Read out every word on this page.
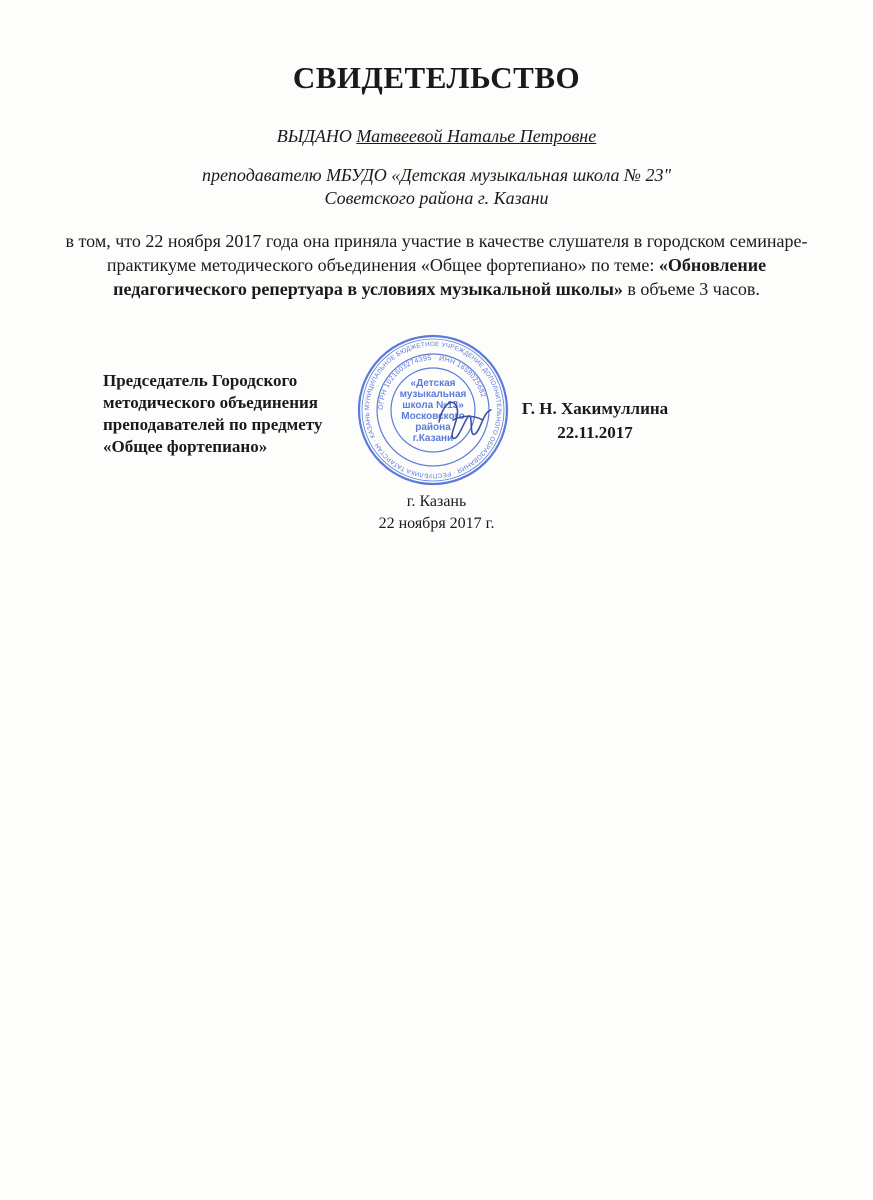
СВИДЕТЕЛЬСТВО
ВЫДАНО Матвеевой Наталье Петровне
преподавателю МБУДО «Детская музыкальная школа № 23"
Советского района г. Казани
в том, что 22 ноября 2017 года она приняла участие в качестве слушателя в городском семинаре-практикуме методического объединения «Общее фортепиано» по теме: «Обновление педагогического репертуара в условиях музыкальной школы» в объеме 3 часов.
Председатель Городского
методического объединения
преподавателей по предмету
«Общее фортепиано»
МУНИЦИПАЛЬНОЕ БЮДЖЕТНОЕ УЧРЕЖДЕНИЕ ДОПОЛНИТЕЛЬНОГО ОБРАЗОВАНИЯ · РЕСПУБЛИКА ТАТАРСТАН · КАЗАНЬ
ОГРН 1021603274395 · ИНН 1658025682
«Детская
музыкальная
школа №13»
Московского
района
г.Казани
Г. Н. Хакимуллина
22.11.2017
г. Казань
22 ноября 2017 г.
